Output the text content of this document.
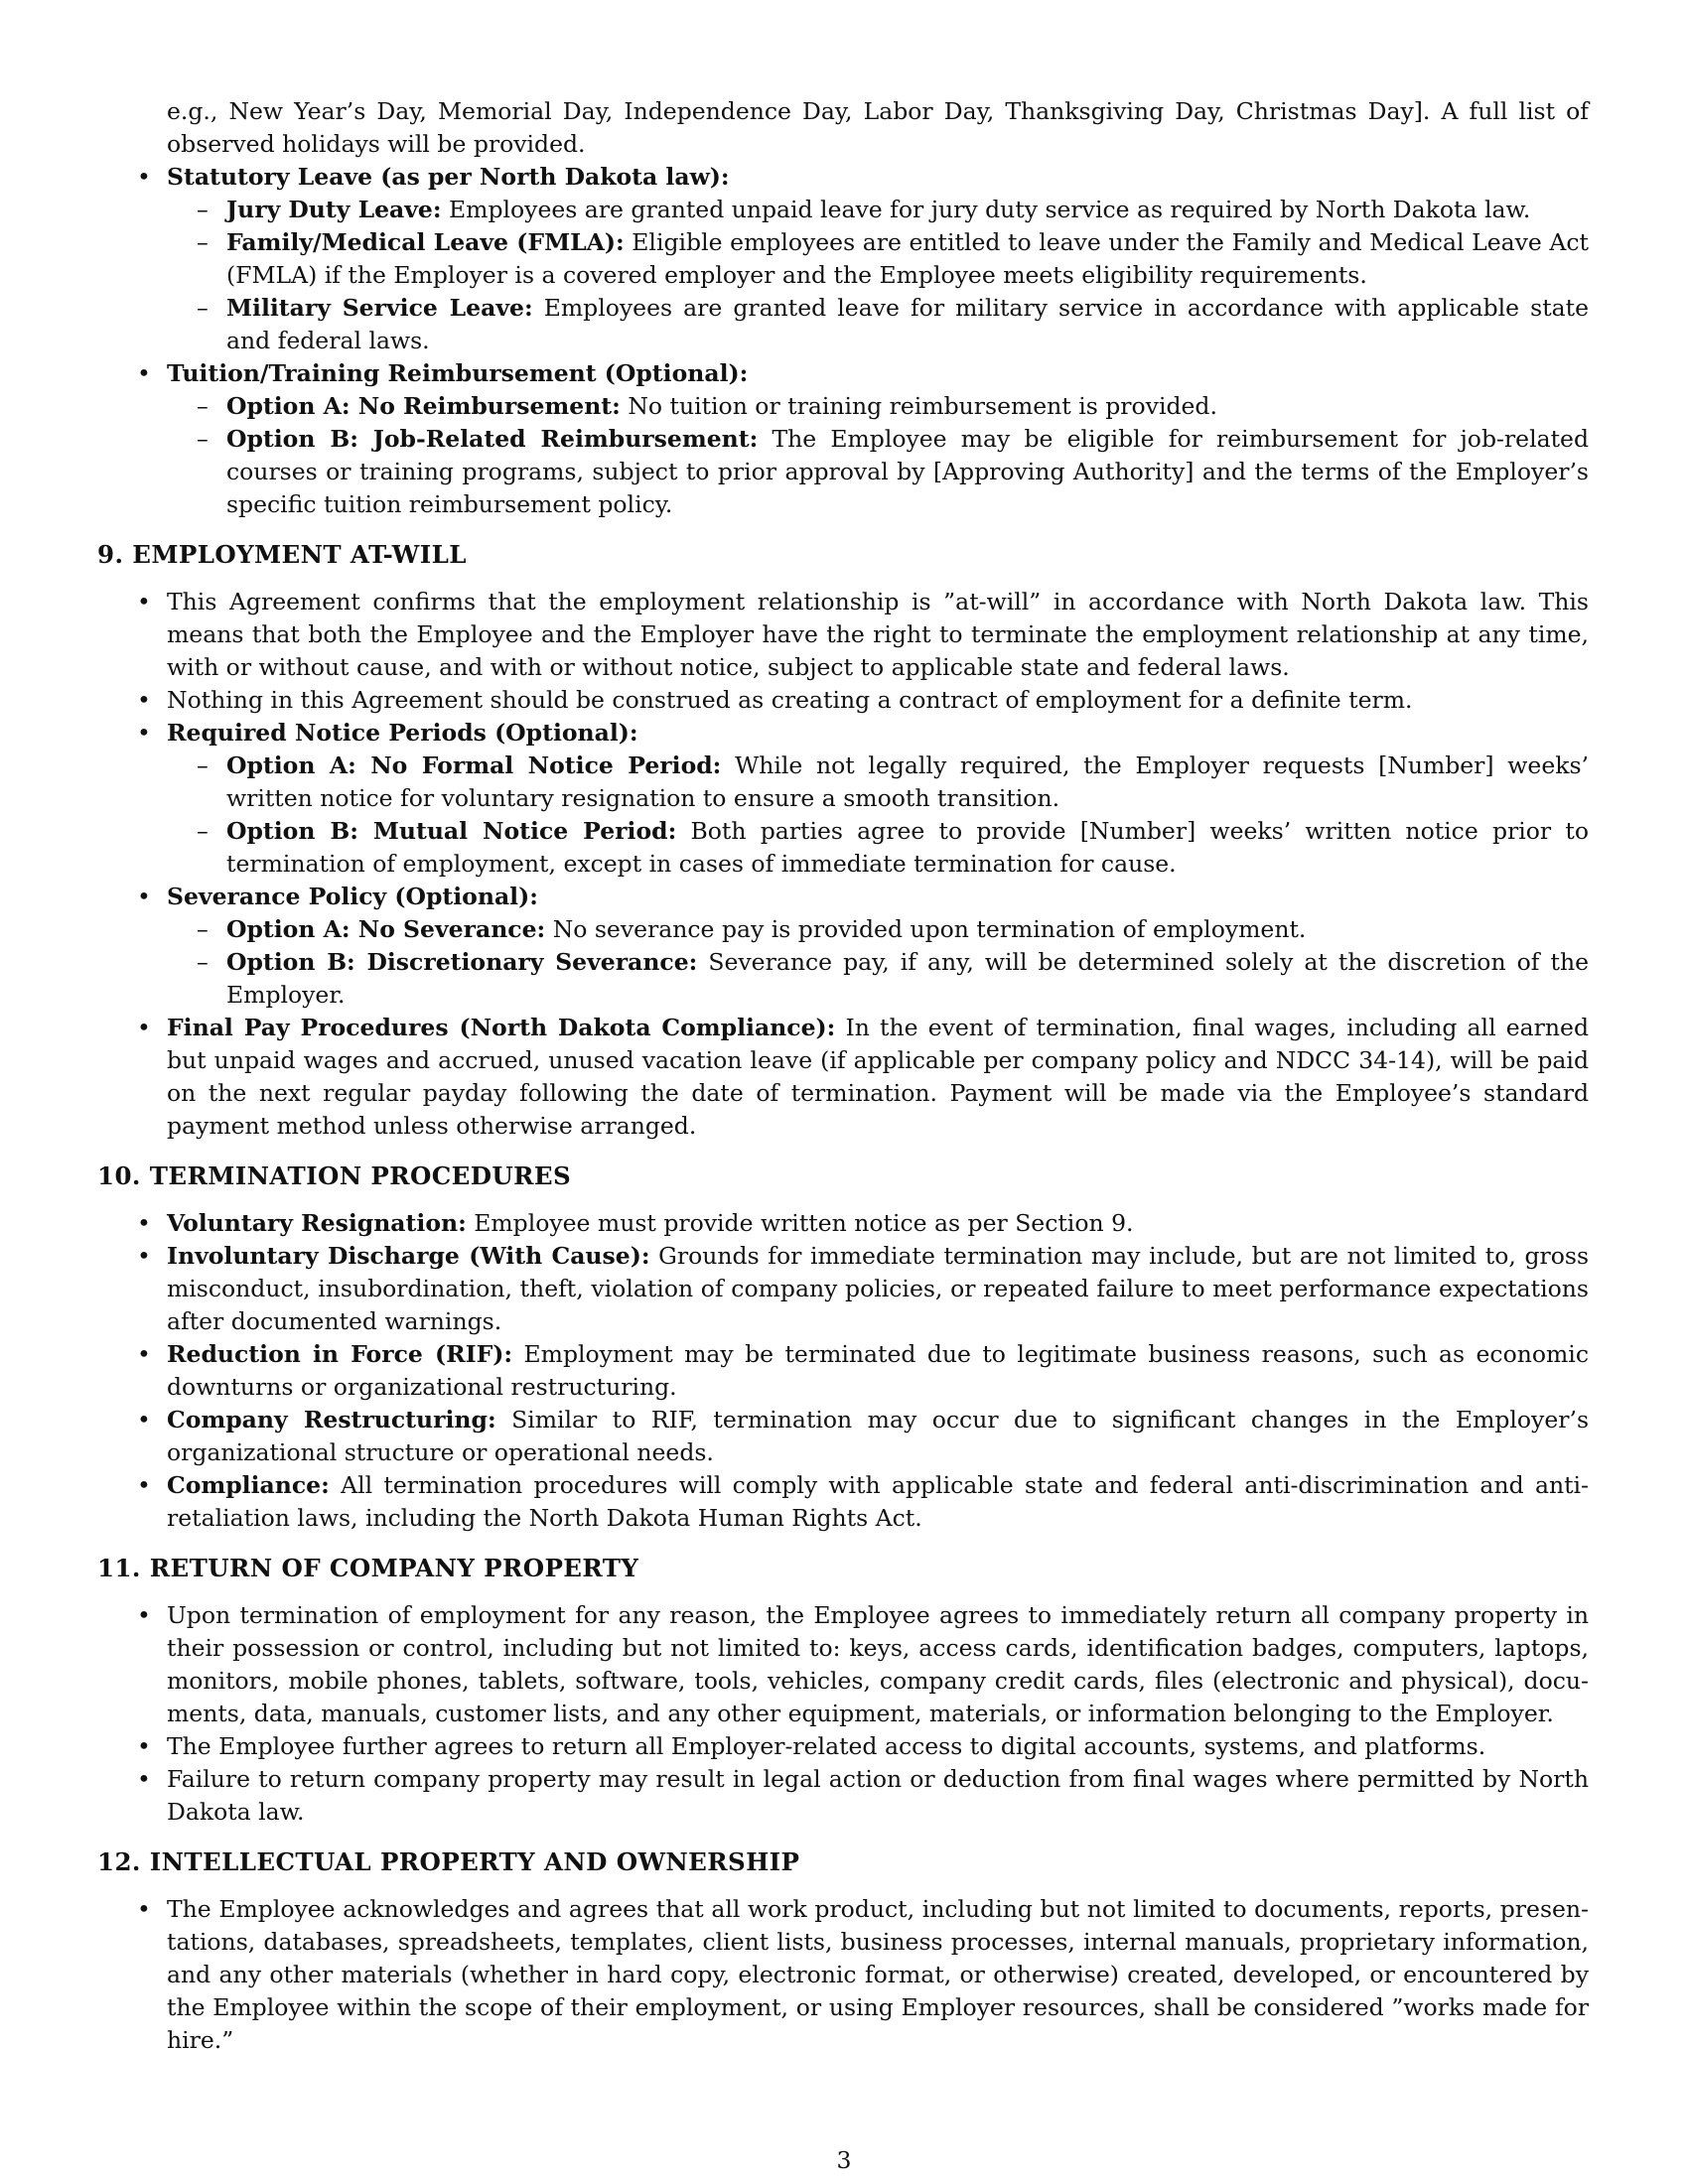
e.g., New Year’s Day, Memorial Day, Independence Day, Labor Day, Thanksgiving Day, Christmas Day]. A full list of observed holidays will be provided.
• Statutory Leave (as per North Dakota law):
– Jury Duty Leave: Employees are granted unpaid leave for jury duty service as required by North Dakota law.
– Family/Medical Leave (FMLA): Eligible employees are entitled to leave under the Family and Medical Leave Act (FMLA) if the Employer is a covered employer and the Employee meets eligibility requirements.
– Military Service Leave: Employees are granted leave for military service in accordance with applicable state and federal laws.
• Tuition/Training Reimbursement (Optional):
– Option A: No Reimbursement: No tuition or training reimbursement is provided.
– Option B: Job-Related Reimbursement: The Employee may be eligible for reimbursement for job-related courses or training programs, subject to prior approval by [Approving Authority] and the terms of the Employer’s specific tuition reimbursement policy.
9. EMPLOYMENT AT-WILL
• This Agreement confirms that the employment relationship is ”at-will” in accordance with North Dakota law. This means that both the Employee and the Employer have the right to terminate the employment relationship at any time, with or without cause, and with or without notice, subject to applicable state and federal laws.
• Nothing in this Agreement should be construed as creating a contract of employment for a definite term.
• Required Notice Periods (Optional):
– Option A: No Formal Notice Period: While not legally required, the Employer requests [Number] weeks’ written notice for voluntary resignation to ensure a smooth transition.
– Option B: Mutual Notice Period: Both parties agree to provide [Number] weeks’ written notice prior to termination of employment, except in cases of immediate termination for cause.
• Severance Policy (Optional):
– Option A: No Severance: No severance pay is provided upon termination of employment.
– Option B: Discretionary Severance: Severance pay, if any, will be determined solely at the discretion of the Employer.
• Final Pay Procedures (North Dakota Compliance): In the event of termination, final wages, including all earned but unpaid wages and accrued, unused vacation leave (if applicable per company policy and NDCC 34-14), will be paid on the next regular payday following the date of termination. Payment will be made via the Employee’s standard payment method unless otherwise arranged.
10. TERMINATION PROCEDURES
• Voluntary Resignation: Employee must provide written notice as per Section 9.
• Involuntary Discharge (With Cause): Grounds for immediate termination may include, but are not limited to, gross misconduct, insubordination, theft, violation of company policies, or repeated failure to meet performance expectations after documented warnings.
• Reduction in Force (RIF): Employment may be terminated due to legitimate business reasons, such as economic downturns or organizational restructuring.
• Company Restructuring: Similar to RIF, termination may occur due to significant changes in the Employer’s organizational structure or operational needs.
• Compliance: All termination procedures will comply with applicable state and federal anti-discrimination and anti-retaliation laws, including the North Dakota Human Rights Act.
11. RETURN OF COMPANY PROPERTY
• Upon termination of employment for any reason, the Employee agrees to immediately return all company property in their possession or control, including but not limited to: keys, access cards, identification badges, computers, laptops, monitors, mobile phones, tablets, software, tools, vehicles, company credit cards, files (electronic and physical), documents, data, manuals, customer lists, and any other equipment, materials, or information belonging to the Employer.
• The Employee further agrees to return all Employer-related access to digital accounts, systems, and platforms.
• Failure to return company property may result in legal action or deduction from final wages where permitted by North Dakota law.
12. INTELLECTUAL PROPERTY AND OWNERSHIP
• The Employee acknowledges and agrees that all work product, including but not limited to documents, reports, presentations, databases, spreadsheets, templates, client lists, business processes, internal manuals, proprietary information, and any other materials (whether in hard copy, electronic format, or otherwise) created, developed, or encountered by the Employee within the scope of their employment, or using Employer resources, shall be considered ”works made for hire.”
3
